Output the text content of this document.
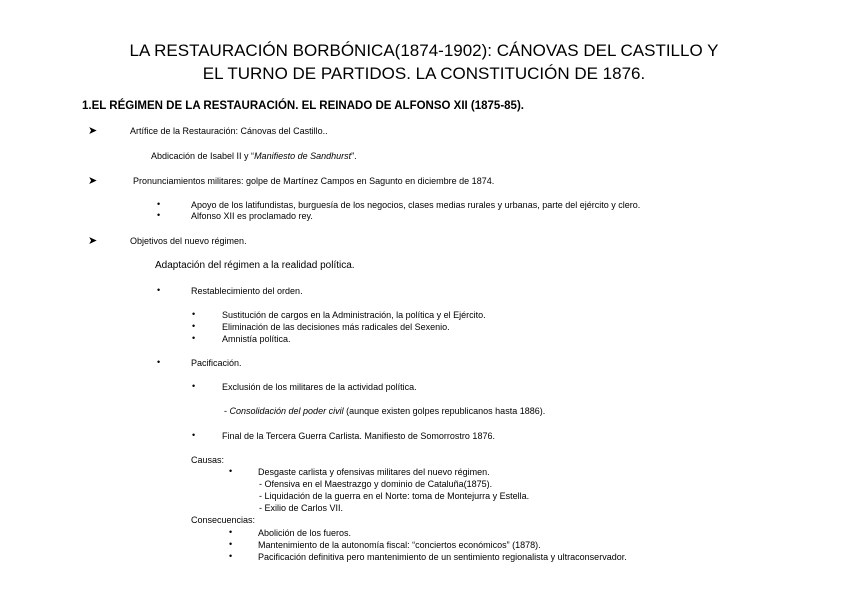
LA RESTAURACIÓN BORBÓNICA(1874-1902): CÁNOVAS DEL CASTILLO Y
EL TURNO DE PARTIDOS. LA CONSTITUCIÓN DE 1876.
1.EL RÉGIMEN DE LA RESTAURACIÓN. EL REINADO DE ALFONSO XII (1875-85).
➤	Artífice de la Restauración: Cánovas del Castillo..
Abdicación de Isabel II y “Manifiesto de Sandhurst”.
➤	Pronunciamientos militares: golpe de Martínez Campos en Sagunto en diciembre de 1874.
•	Apoyo de los latifundistas, burguesía de los negocios, clases medias rurales y urbanas, parte del ejército y clero.
•	Alfonso XII es proclamado rey.
➤	Objetivos del nuevo régimen.
Adaptación del régimen a la realidad política.
•	Restablecimiento del orden.
•	Sustitución de cargos en la Administración, la política y el Ejército.
•	Eliminación de las decisiones más radicales del Sexenio.
•	Amnistía política.
•	Pacificación.
•	Exclusión de los militares de la actividad política.
- Consolidación del poder civil (aunque existen golpes republicanos hasta 1886).
•	Final de la Tercera Guerra Carlista. Manifiesto de Somorrostro 1876.
Causas:
•	Desgaste carlista y ofensivas militares del nuevo régimen.
- Ofensiva en el Maestrazgo y dominio de Cataluña(1875).
- Liquidación de la guerra en el Norte: toma de Montejurra y Estella.
- Exilio de Carlos VII.
Consecuencias:
•	Abolición de los fueros.
•	Mantenimiento de la autonomía fiscal: “conciertos económicos” (1878).
•	Pacificación definitiva pero mantenimiento de un sentimiento regionalista y ultraconservador.
